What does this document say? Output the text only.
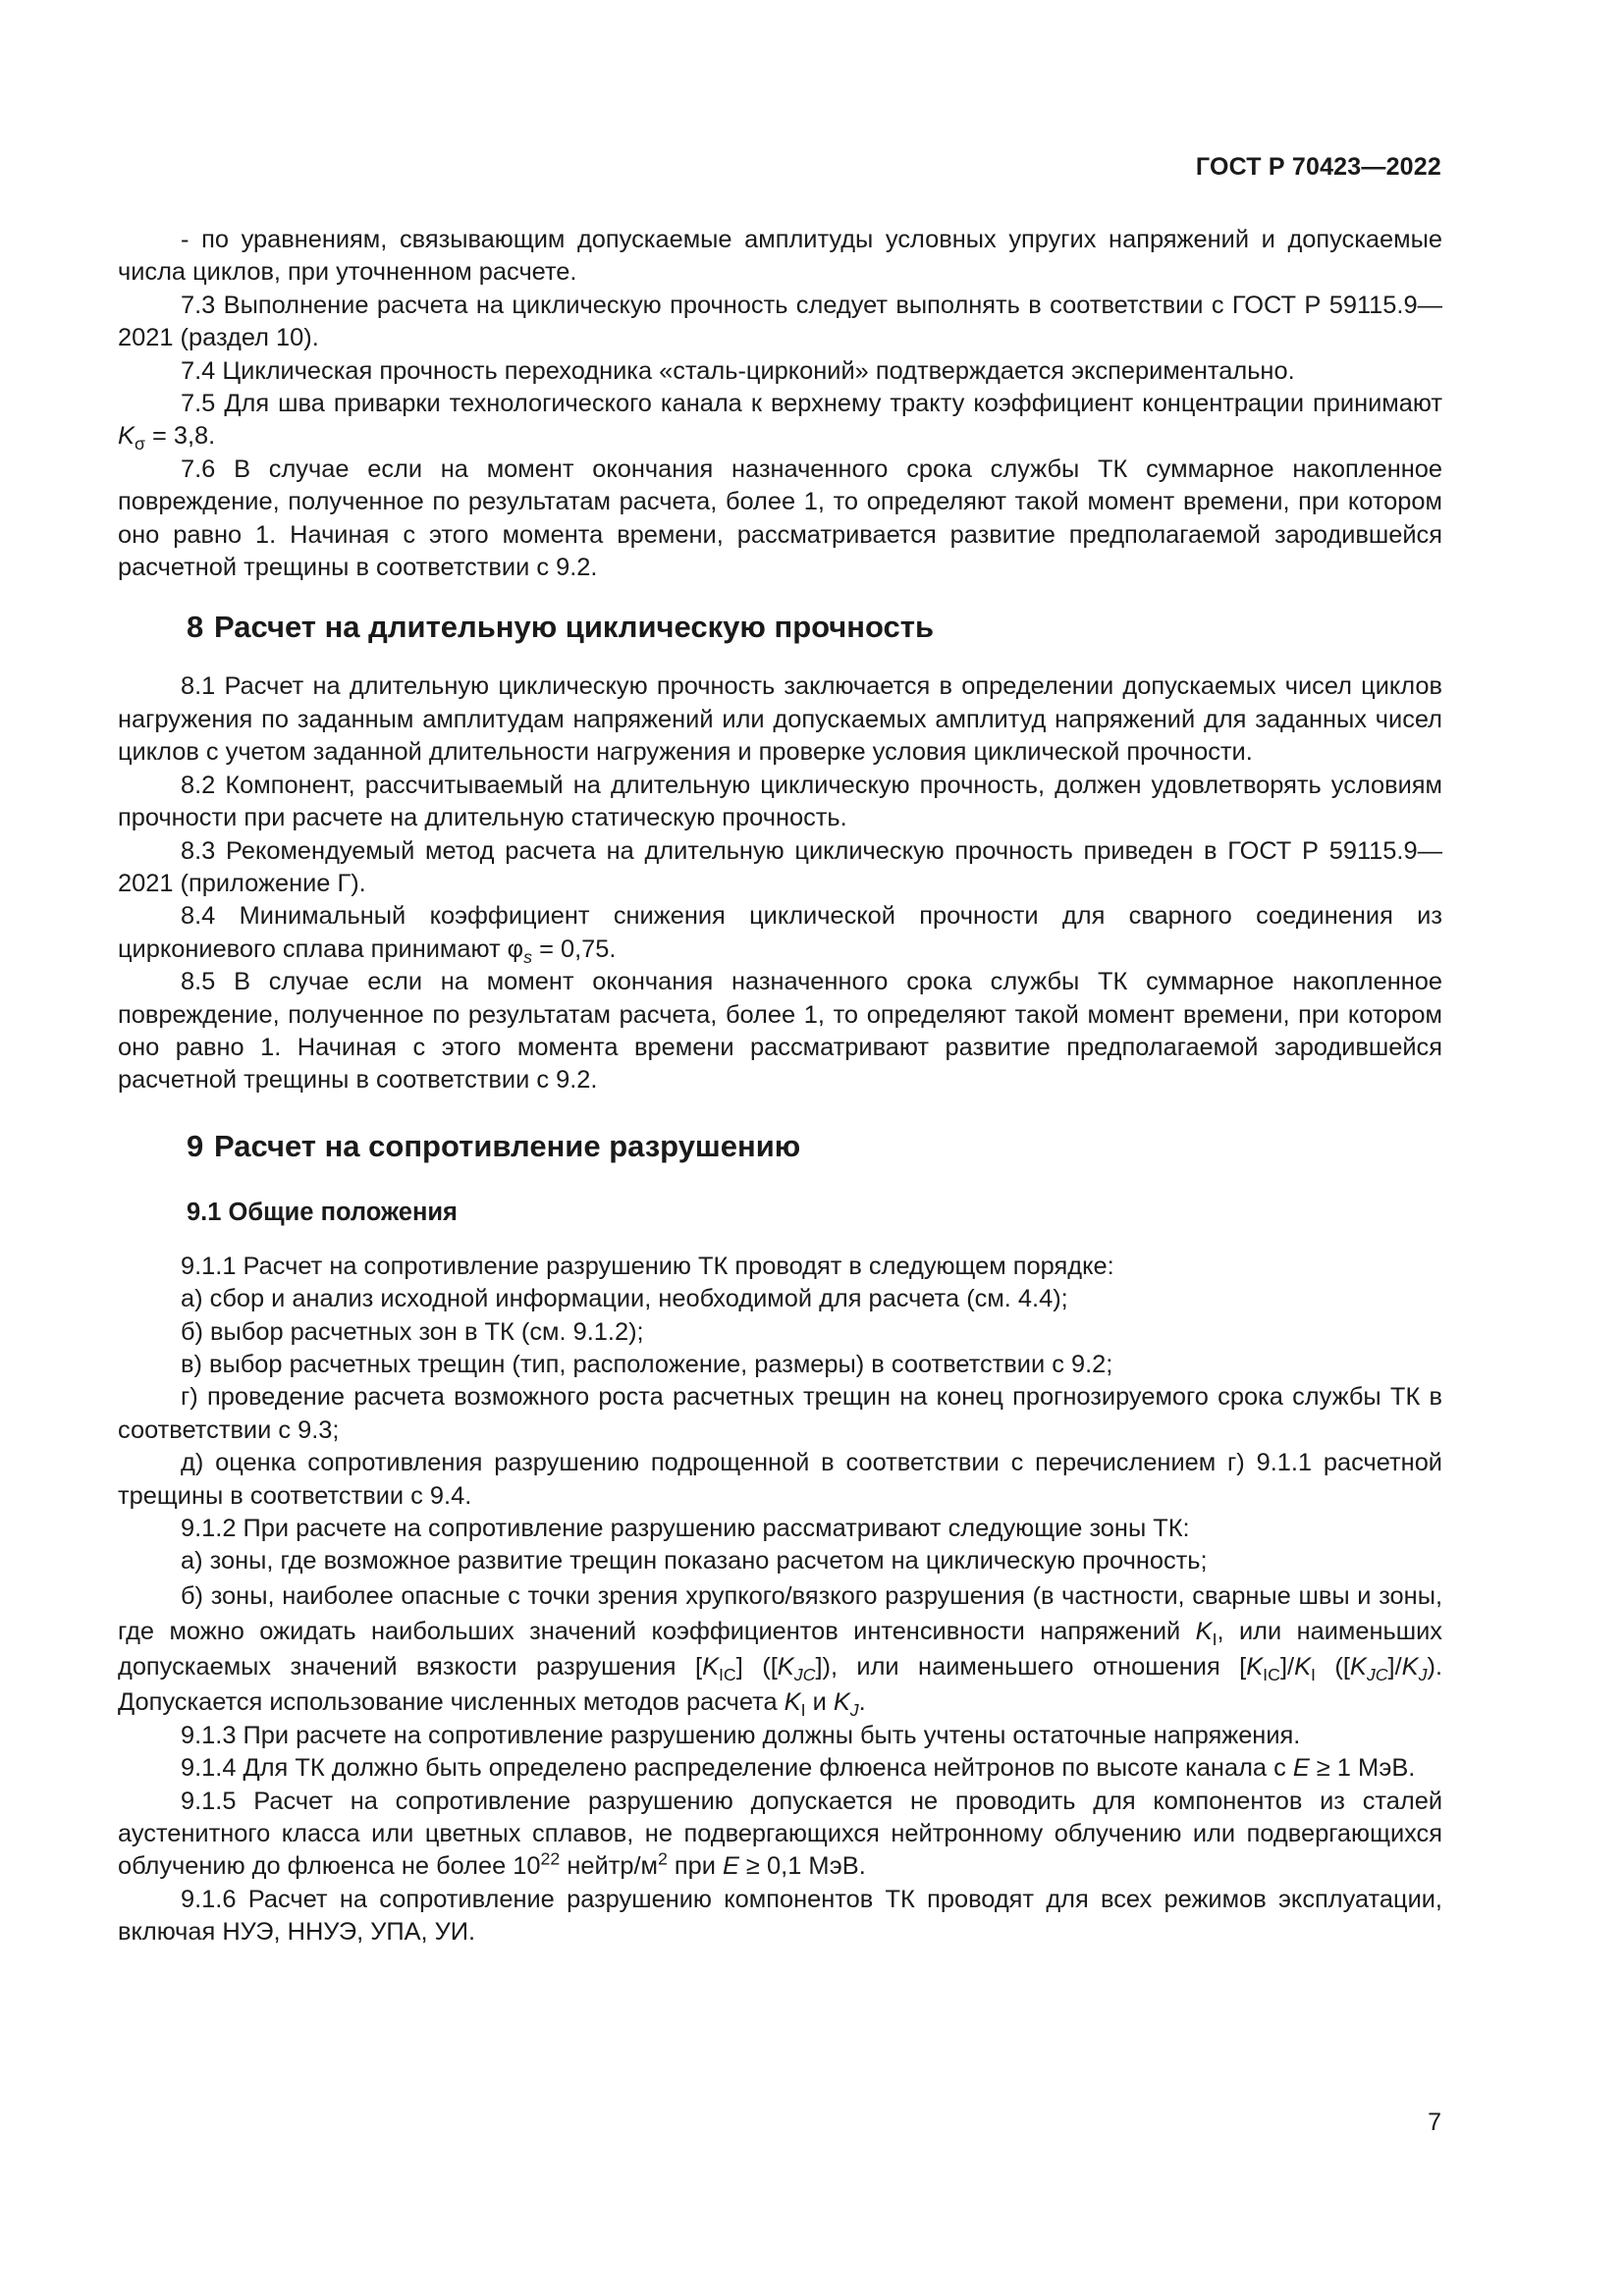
ГОСТ Р 70423—2022

- по уравнениям, связывающим допускаемые амплитуды условных упругих напряжений и допускаемые числа циклов, при уточненном расчете.

7.3 Выполнение расчета на циклическую прочность следует выполнять в соответствии с ГОСТ Р 59115.9—2021 (раздел 10).

7.4 Циклическая прочность переходника «сталь-цирконий» подтверждается экспериментально.

7.5 Для шва приварки технологического канала к верхнему тракту коэффициент концентрации принимают $K_\sigma = 3,8$.

7.6 В случае если на момент окончания назначенного срока службы ТК суммарное накопленное повреждение, полученное по результатам расчета, более 1, то определяют такой момент времени, при котором оно равно 1. Начиная с этого момента времени, рассматривается развитие предполагаемой зародившейся расчетной трещины в соответствии с 9.2.

8 Расчет на длительную циклическую прочность

8.1 Расчет на длительную циклическую прочность заключается в определении допускаемых чисел циклов нагружения по заданным амплитудам напряжений или допускаемых амплитуд напряжений для заданных чисел циклов с учетом заданной длительности нагружения и проверке условия циклической прочности.

8.2 Компонент, рассчитываемый на длительную циклическую прочность, должен удовлетворять условиям прочности при расчете на длительную статическую прочность.

8.3 Рекомендуемый метод расчета на длительную циклическую прочность приведен в ГОСТ Р 59115.9—2021 (приложение Г).

8.4 Минимальный коэффициент снижения циклической прочности для сварного соединения из циркониевого сплава принимают $\varphi_s = 0,75$.

8.5 В случае если на момент окончания назначенного срока службы ТК суммарное накопленное повреждение, полученное по результатам расчета, более 1, то определяют такой момент времени, при котором оно равно 1. Начиная с этого момента времени рассматривают развитие предполагаемой зародившейся расчетной трещины в соответствии с 9.2.

9 Расчет на сопротивление разрушению
9.1 Общие положения

9.1.1 Расчет на сопротивление разрушению ТК проводят в следующем порядке:

а) сбор и анализ исходной информации, необходимой для расчета (см. 4.4);

б) выбор расчетных зон в ТК (см. 9.1.2);

в) выбор расчетных трещин (тип, расположение, размеры) в соответствии с 9.2;

г) проведение расчета возможного роста расчетных трещин на конец прогнозируемого срока службы ТК в соответствии с 9.3;

д) оценка сопротивления разрушению подрощенной в соответствии с перечислением г) 9.1.1 расчетной трещины в соответствии с 9.4.

9.1.2 При расчете на сопротивление разрушению рассматривают следующие зоны ТК:

а) зоны, где возможное развитие трещин показано расчетом на циклическую прочность;

б) зоны, наиболее опасные с точки зрения хрупкого/вязкого разрушения (в частности, сварные швы и зоны, где можно ожидать наибольших значений коэффициентов интенсивности напряжений $K_I$, или наименьших допускаемых значений вязкости разрушения $[K_{IC}]$ $([K_{JC}])$, или наименьшего отношения $[K_{IC}]/K_I$ $([K_{JC}]/K_J)$. Допускается использование численных методов расчета $K_I$ и $K_J$.

9.1.3 При расчете на сопротивление разрушению должны быть учтены остаточные напряжения.

9.1.4 Для ТК должно быть определено распределение флюенса нейтронов по высоте канала с E ≥ 1 МэВ.

9.1.5 Расчет на сопротивление разрушению допускается не проводить для компонентов из сталей аустенитного класса или цветных сплавов, не подвергающихся нейтронному облучению или подвергающихся облучению до флюенса не более $10^{22}$ нейтр/$м^2$ при E ≥ 0,1 МэВ.

9.1.6 Расчет на сопротивление разрушению компонентов ТК проводят для всех режимов эксплуатации, включая НУЭ, ННУЭ, УПА, УИ.

7
